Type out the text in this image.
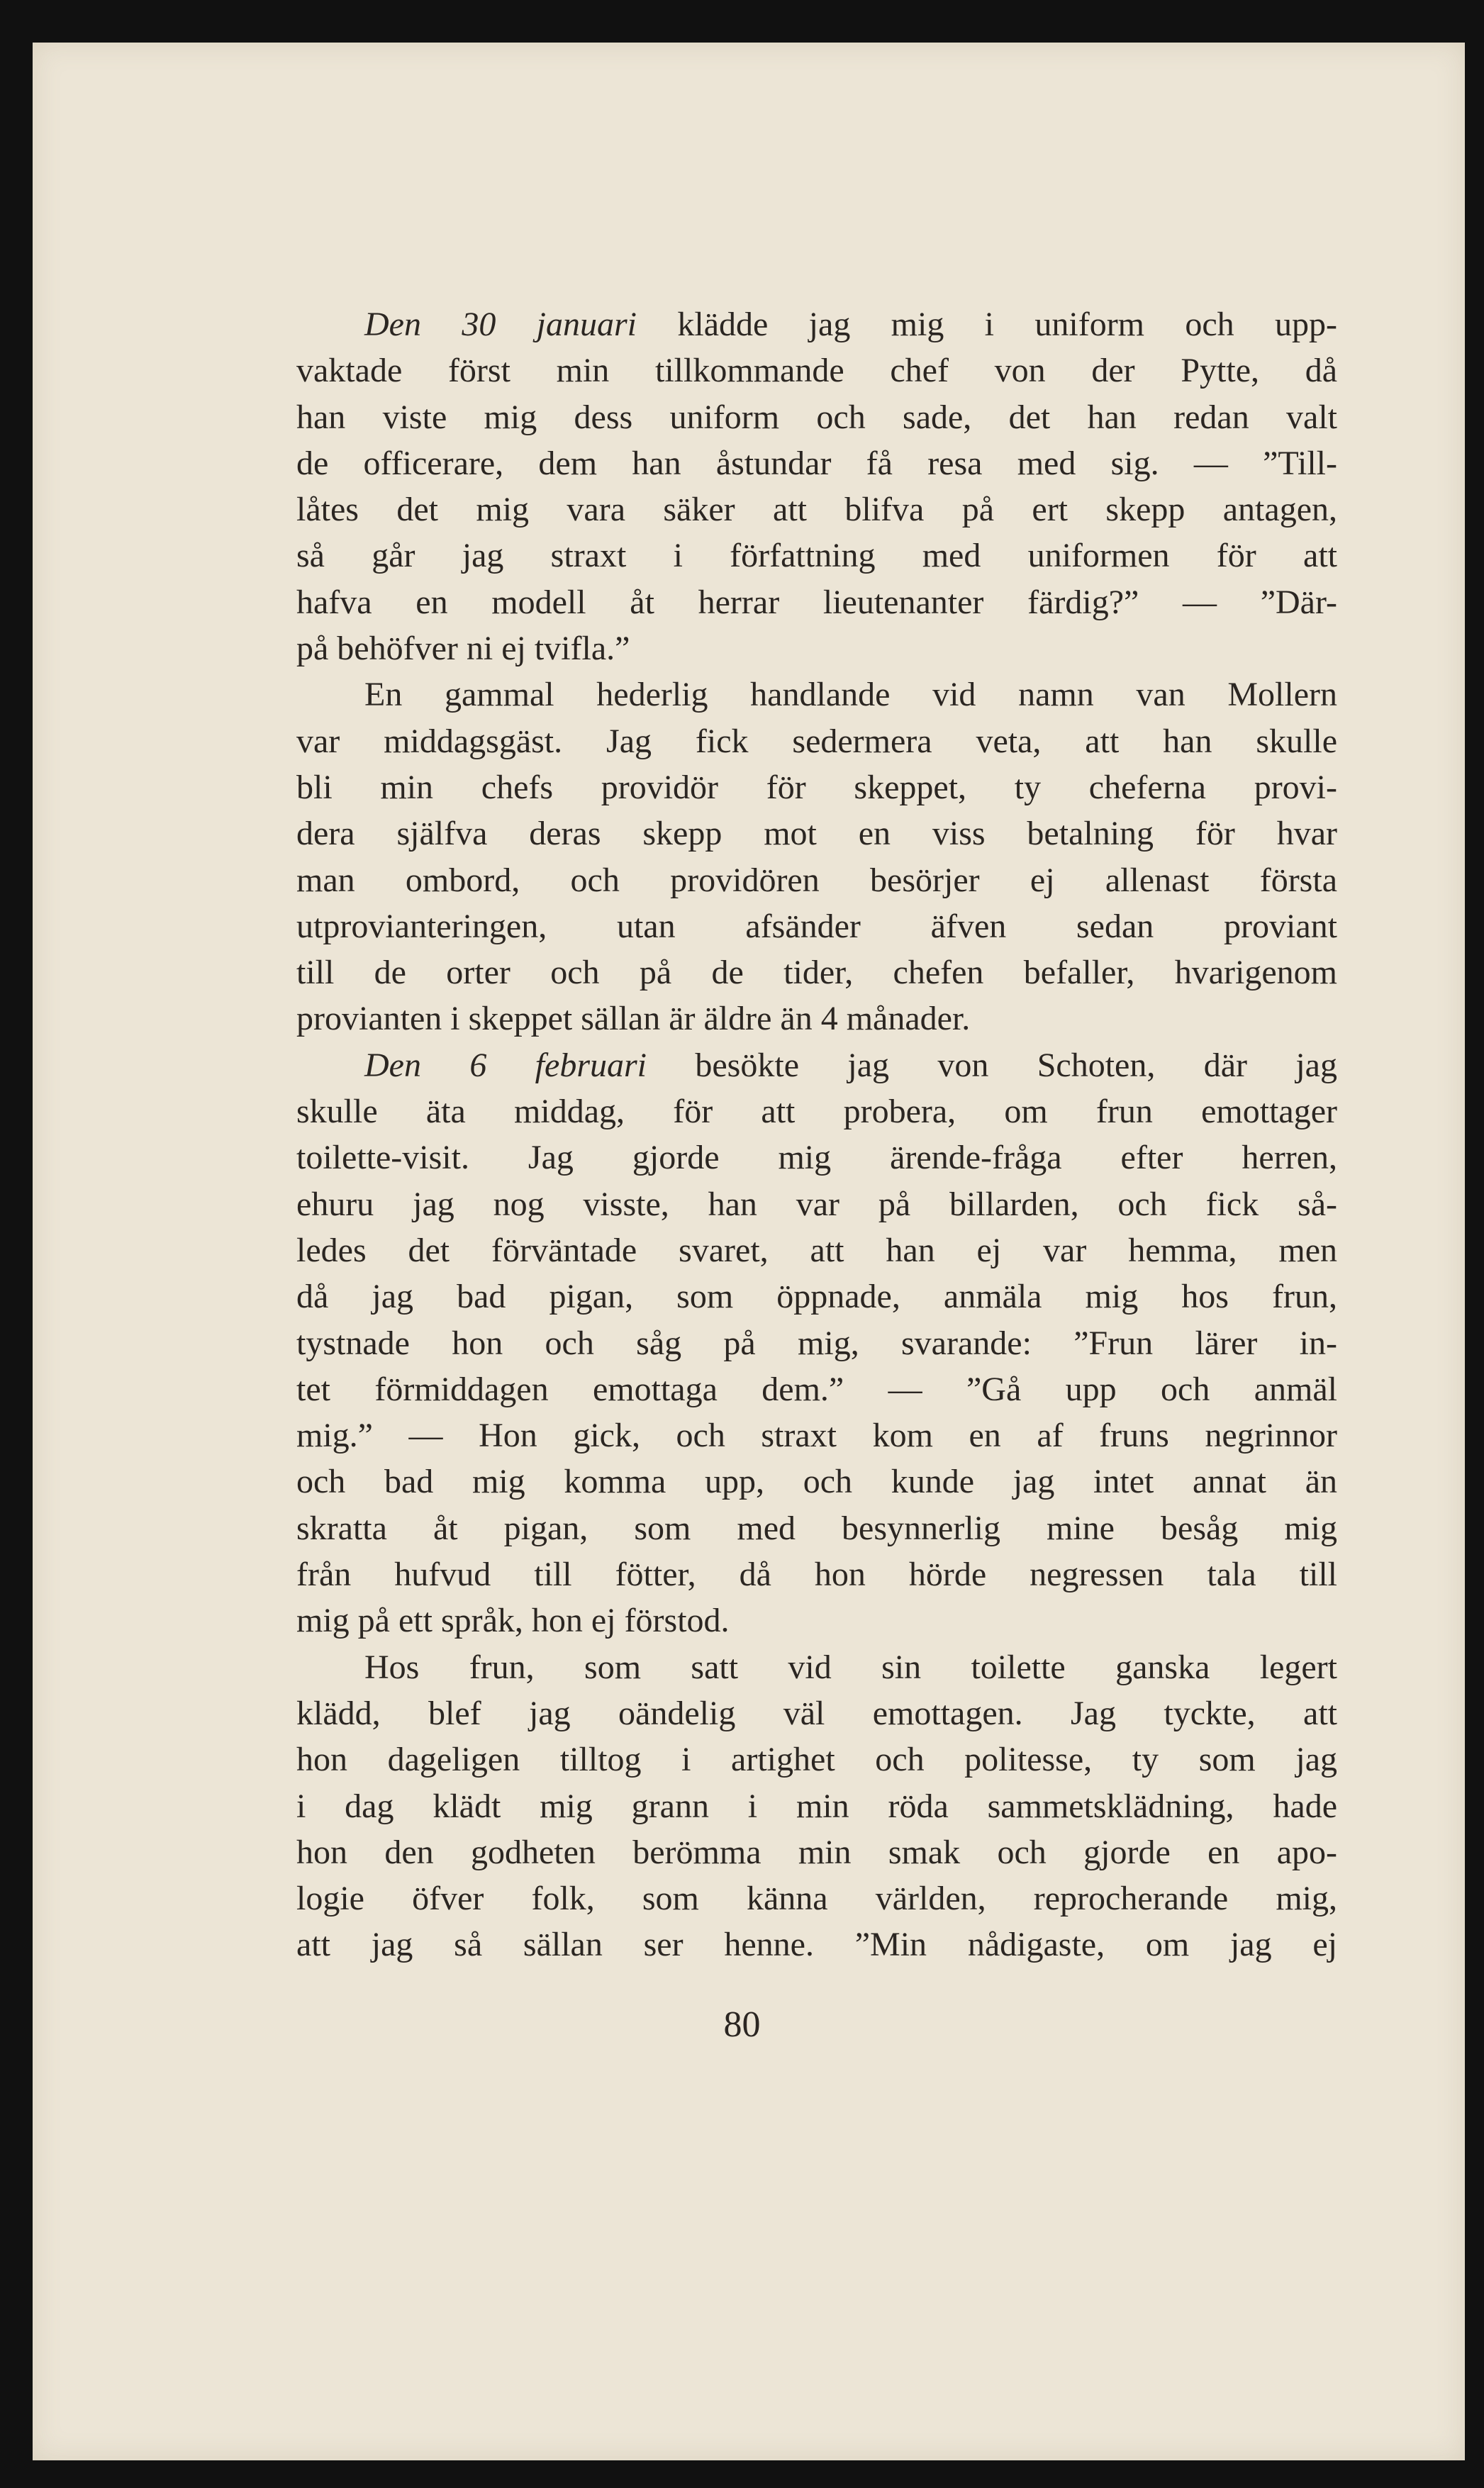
Den 30 januari klädde jag mig i uniform och upp-
vaktade först min tillkommande chef von der Pytte, då
han viste mig dess uniform och sade, det han redan valt
de officerare, dem han åstundar få resa med sig. — ”Till-
låtes det mig vara säker att blifva på ert skepp antagen,
så går jag straxt i författning med uniformen för att
hafva en modell åt herrar lieutenanter färdig?” — ”Där-
på behöfver ni ej tvifla.”
En gammal hederlig handlande vid namn van Mollern
var middagsgäst. Jag fick sedermera veta, att han skulle
bli min chefs providör för skeppet, ty cheferna provi-
dera själfva deras skepp mot en viss betalning för hvar
man ombord, och providören besörjer ej allenast första
utprovianteringen, utan afsänder äfven sedan proviant
till de orter och på de tider, chefen befaller, hvarigenom
provianten i skeppet sällan är äldre än 4 månader.
Den 6 februari besökte jag von Schoten, där jag
skulle äta middag, för att probera, om frun emottager
toilette-visit. Jag gjorde mig ärende-fråga efter herren,
ehuru jag nog visste, han var på billarden, och fick så-
ledes det förväntade svaret, att han ej var hemma, men
då jag bad pigan, som öppnade, anmäla mig hos frun,
tystnade hon och såg på mig, svarande: ”Frun lärer in-
tet förmiddagen emottaga dem.” — ”Gå upp och anmäl
mig.” — Hon gick, och straxt kom en af fruns negrinnor
och bad mig komma upp, och kunde jag intet annat än
skratta åt pigan, som med besynnerlig mine besåg mig
från hufvud till fötter, då hon hörde negressen tala till
mig på ett språk, hon ej förstod.
Hos frun, som satt vid sin toilette ganska legert
klädd, blef jag oändelig väl emottagen. Jag tyckte, att
hon dageligen tilltog i artighet och politesse, ty som jag
i dag klädt mig grann i min röda sammetsklädning, hade
hon den godheten berömma min smak och gjorde en apo-
logie öfver folk, som känna världen, reprocherande mig,
att jag så sällan ser henne. ”Min nådigaste, om jag ej
80
